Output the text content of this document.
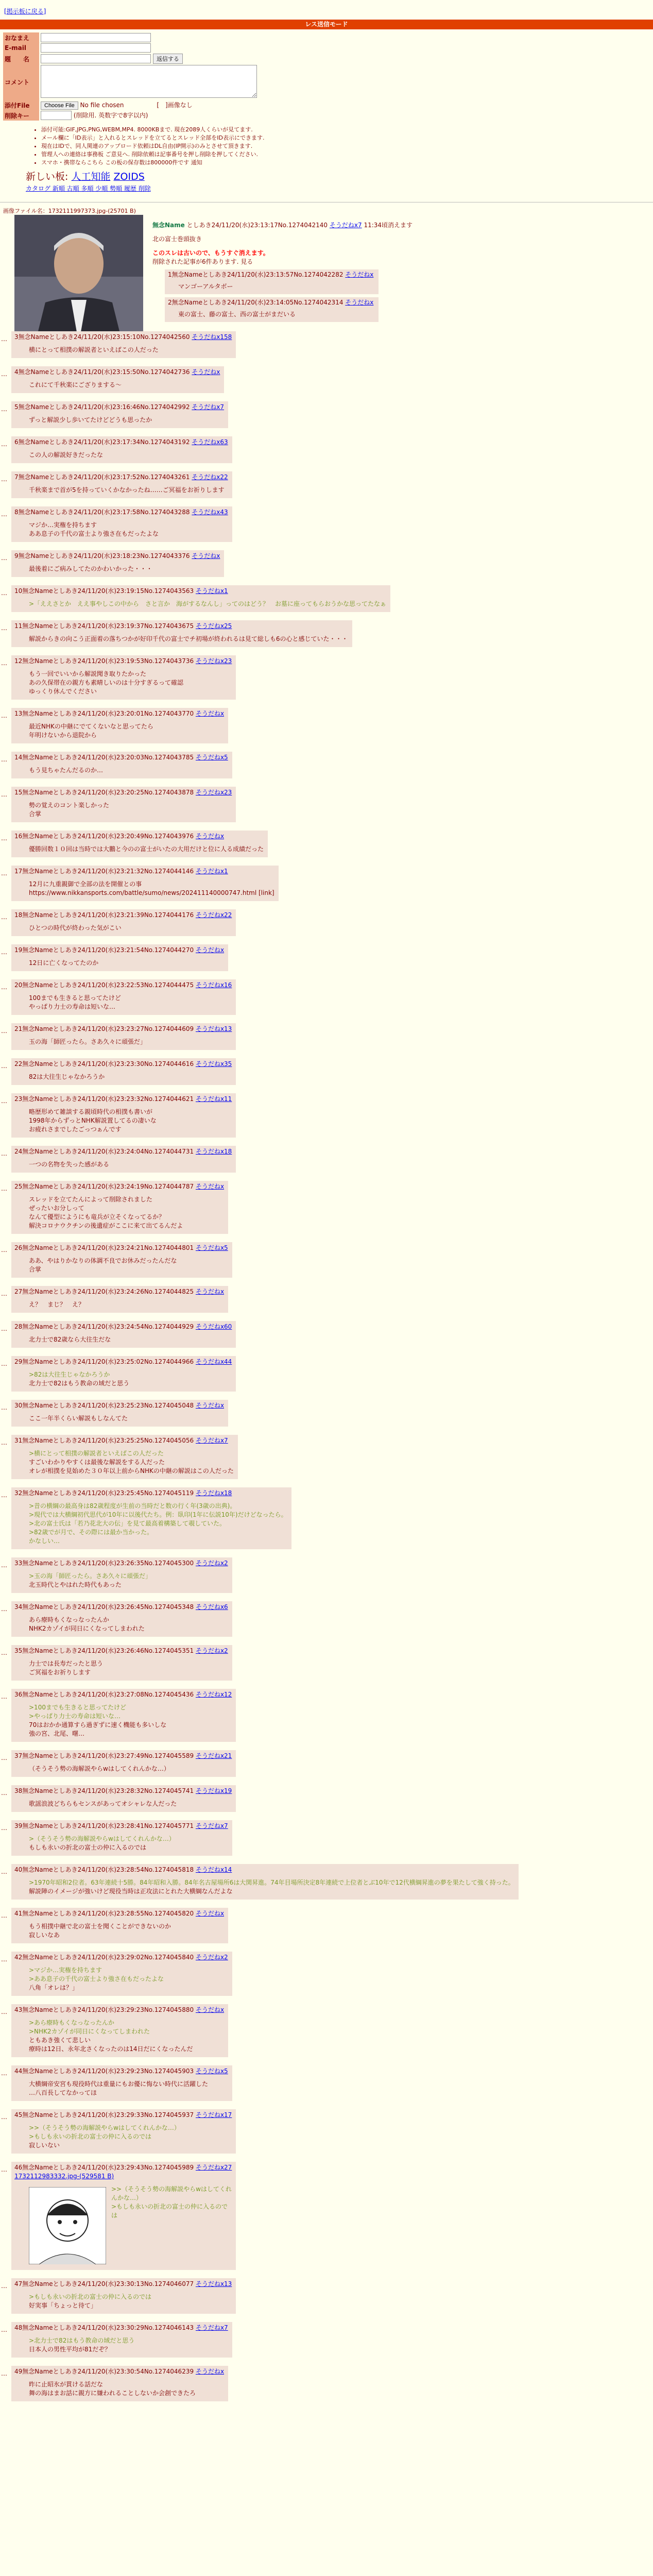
[掲示板に戻る]
レス送信モード
おなまえ	
E-mail	
題　　名	返信する
コメント	
添付File	Choose File No file chosen [　]画像なし
削除キー	(削除用. 英数字で8字以内)
• 添付可能:GIF,JPG,PNG,WEBM,MP4. 8000KBまで. 現在2089人くらいが見てます.
• メール欄に「ID表示」と入れるとスレッドを立てるとスレッド全部をID表示にできます.
• 現在はIDで、同人関連のアップロード依頼はDL自由(IP開示)のみとさせて頂きます.
• 管理人への連絡は事務板 ご意見へ. 削除依頼は記事番号を押し削除を押してください.
• スマホ・携帯ならこちら この板の保存数は800000件です 通知
新しい板: 人工知能 ZOIDS
カタログ 新順 古順 多順 少順 勢順 履歴 削除
画像ファイル名：1732111997373.jpg-(25701 B)
無念Name としあき24/11/20(水)23:13:17No.1274042140 そうだねx7 11:34頃消えます
北の富士巻頭抜き
このスレは古いので、もうすぐ消えます。
削除された記事が6件あります. 見る
1無念Nameとしあき24/11/20(水)23:13:57No.1274042282 そうだねx
マンゴーアルタボー

2無念Nameとしあき24/11/20(水)23:14:05No.1274042314 そうだねx
東の富士、藤の富士、西の富士がまだいる

… 3無念Nameとしあき24/11/20(水)23:15:10No.1274042560 そうだねx158
横にとって相撲の解説者といえばこの人だった
… 4無念Nameとしあき24/11/20(水)23:15:50No.1274042736 そうだねx
これにて千秋楽にござりまする〜
… 5無念Nameとしあき24/11/20(水)23:16:46No.1274042992 そうだねx7
ずっと解説少し歩いてたけどどうも思ったか
… 6無念Nameとしあき24/11/20(水)23:17:34No.1274043192 そうだねx63
この人の解説好きだったな
… 7無念Nameとしあき24/11/20(水)23:17:52No.1274043261 そうだねx22
千秋楽まで首が5を持っていくかなかったね……ご冥福をお祈りします
… 8無念Nameとしあき24/11/20(水)23:17:58No.1274043288 そうだねx43
マジか…実権を持ちます
ああ息子の千代の富士より強さ在もだったよな
… 9無念Nameとしあき24/11/20(水)23:18:23No.1274043376 そうだねx
最後着にご病みしてたのかわいかった・・・
… 10無念Nameとしあき24/11/20(水)23:19:15No.1274043563 そうだねx1
>「ええさとか　ええ事やしこの中から　さと言か　海がするなんし」ってのはどう？　お墓に座ってもらおうかな思ってたなぁ
… 11無念Nameとしあき24/11/20(水)23:19:37No.1274043675 そうだねx25
解説からきの向こう正面着の落ちつかが好印千代の富士でチ初場が終われるは見て総しも6の心と感じていた・・・
… 12無念Nameとしあき24/11/20(水)23:19:53No.1274043736 そうだねx23
もう一回でいいから解説聞き取りたかった
あの久保帯在の親方も素晴しいのは十分すぎるって確認
ゆっくり休んでください
… 13無念Nameとしあき24/11/20(水)23:20:01No.1274043770 そうだねx
最近NHKの中継にでてくないなと思ってたら
年明けないから退院から
… 14無念Nameとしあき24/11/20(水)23:20:03No.1274043785 そうだねx5
もう見ちゃたんだるのか…
… 15無念Nameとしあき24/11/20(水)23:20:25No.1274043878 そうだねx23
勢の覚えのコント楽しかった
合掌
… 16無念Nameとしあき24/11/20(水)23:20:49No.1274043976 そうだねx
優勝回数１０回は当時では大鵬と今のの富士がいたの大用だけと位に人る成績だった
… 17無念Nameとしあき24/11/20(水)23:21:32No.1274044146 そうだねx1
12月に九重親御で全部の法を開催との事
https://www.nikkansports.com/battle/sumo/news/202411140000747.html [link]
… 18無念Nameとしあき24/11/20(水)23:21:39No.1274044176 そうだねx22
ひとつの時代が終わった気がこい
… 19無念Nameとしあき24/11/20(水)23:21:54No.1274044270 そうだねx
12日に亡くなってたのか
… 20無念Nameとしあき24/11/20(水)23:22:53No.1274044475 そうだねx16
100までも生きると思ってたけど
やっぱり力士の寿命は短いな…
… 21無念Nameとしあき24/11/20(水)23:23:27No.1274044609 そうだねx13
玉の海「師匠ったら。さあ久々に頑張だ」
… 22無念Nameとしあき24/11/20(水)23:23:30No.1274044616 そうだねx35
82は大往生じゃなかろうか
… 23無念Nameとしあき24/11/20(水)23:23:32No.1274044621 そうだねx11
略歴形めて雑談する親頃時代の相撲も書いが
1998年からずっとNHK解説置してるの凄いな
お疲れさまでしたごっつぁんです
… 24無念Nameとしあき24/11/20(水)23:24:04No.1274044731 そうだねx18
一つの名物を失った感がある
… 25無念Nameとしあき24/11/20(水)23:24:19No.1274044787 そうだねx
スレッドを立てたんによって削除されました
ぜったいお分しって
なんて優型にようにも竜兵が立そくなってるか？
解決コロナウクチンの後遺症がここに来て出てるんだよ
… 26無念Nameとしあき24/11/20(水)23:24:21No.1274044801 そうだねx5
ああ、やはりかなりの体調不良でお休みだったんだな
合掌
… 27無念Nameとしあき24/11/20(水)23:24:26No.1274044825 そうだねx
え？　まじ？　え？
… 28無念Nameとしあき24/11/20(水)23:24:54No.1274044929 そうだねx60
北力士で82歳なら大往生だな
… 29無念Nameとしあき24/11/20(水)23:25:02No.1274044966 そうだねx44
>82は大往生じゃなかろうか
北力士で82はもう教命の域だと思う
… 30無念Nameとしあき24/11/20(水)23:25:23No.1274045048 そうだねx
ここ一年半くらい解説もしなんてた
… 31無念Nameとしあき24/11/20(水)23:25:25No.1274045056 そうだねx7
>横にとって相撲の解説者といえばこの人だった
すごいわかりやすくは最後な解説をする人だった
オレが相撲を見始めた３０年以上前からNHKの中継の解説はこの人だった
… 32無念Nameとしあき24/11/20(水)23:25:45No.1274045119 そうだねx18
>昔の横綱の最高身は82歳程度が生前の当時だと数の行く年(3歳の出典)。
>現代では大横綱初代思代が10年に以後代たち。例：臥印(1年に伝説10年)だけどなったら。
>北の富士氏は「若乃花北大の伝」を見て最高着構築して覗していた。
>82歳でが月で、その際には最か当かった。
かなしい…
… 33無念Nameとしあき24/11/20(水)23:26:35No.1274045300 そうだねx2
>玉の海「師匠ったら。さあ久々に頑張だ」
北玉時代とやはれた時代もあった
… 34無念Nameとしあき24/11/20(水)23:26:45No.1274045348 そうだねx6
あら療時もくなっなったんか
NHK2カゾイが同日にくなってしまわれた
… 35無念Nameとしあき24/11/20(水)23:26:46No.1274045351 そうだねx2
力士では長寿だったと思う
ご冥福をお祈りします
… 36無念Nameとしあき24/11/20(水)23:27:08No.1274045436 そうだねx12
>100までも生きると思ってたけど
>やっぱり力士の寿命は短いな…
70はおかか通算すら過ぎずに速く機能も多いしな
強の宮、北尾、曙…
… 37無念Nameとしあき24/11/20(水)23:27:49No.1274045589 そうだねx21
（そうそう勢の海解説やらwはしてくれんかな…）
… 38無念Nameとしあき24/11/20(水)23:28:32No.1274045741 そうだねx19
歌謡浪波どちらもセンスがあってオシャレな人だった
… 39無念Nameとしあき24/11/20(水)23:28:41No.1274045771 そうだねx7
>（そうそう勢の海解説やらwはしてくれんかな…）
もしも永いの折北の富士の仲に入るのでは
… 40無念Nameとしあき24/11/20(水)23:28:54No.1274045818 そうだねx14
>1970年昭和2位者。63年連続十5勝。84年昭和入勝。84年名古屋場所6は大関昇進。74年目場所決定8年連続で上位者とぶ10年で12代横綱昇進の夢を果たして強く持った。
解説陣のイメージが強いけど現役当時は正攻法にとれた大横綱なんだよな
… 41無念Nameとしあき24/11/20(水)23:28:55No.1274045820 そうだねx
もう相撲中継で北の富士を聞くことができないのか
寂しいなあ
… 42無念Nameとしあき24/11/20(水)23:29:02No.1274045840 そうだねx2
>マジか…実権を持ちます
>ああ息子の千代の富士より強さ在もだったよな
八角「オレは？」
… 43無念Nameとしあき24/11/20(水)23:29:23No.1274045880 そうだねx
>あら療時もくなっなったんか
>NHK2カゾイが同日にくなってしまわれた
ともあき強くて悲しい
療時は12日、永年北さくなったのは14日だにくなったんだ
… 44無念Nameとしあき24/11/20(水)23:29:23No.1274045903 そうだねx5
大横綱帝安宮も現役時代は重量にもお優に悔ない時代に活躍した
…八百長してなかってほ
… 45無念Nameとしあき24/11/20(水)23:29:33No.1274045937 そうだねx17
>>（そうそう勢の海解説やらwはしてくれんかな…）
>もしも永いの折北の富士の仲に入るのでは
寂しいない
… 46無念Nameとしあき24/11/20(水)23:29:43No.1274045989 そうだねx27
1732112983332.jpg-(529581 B)
>>（そうそう勢の海解説やらwはしてくれんかな…）
>もしも永いの折北の富士の仲に入るのでは
… 47無念Nameとしあき24/11/20(水)23:30:13No.1274046077 そうだねx13
>もしも永いの折北の富士の仲に入るのでは
好実事「ちょっと待て」
… 48無念Nameとしあき24/11/20(水)23:30:29No.1274046143 そうだねx7
>北力士で82はもう教命の域だと思う
日本人の男性平均が81だぞ？
… 49無念Nameとしあき24/11/20(水)23:30:54No.1274046239 そうだねx
昨に止昭氷が貫ける話だな
舞の海はまお話に親方に嫌われることしないか会創できたろ
